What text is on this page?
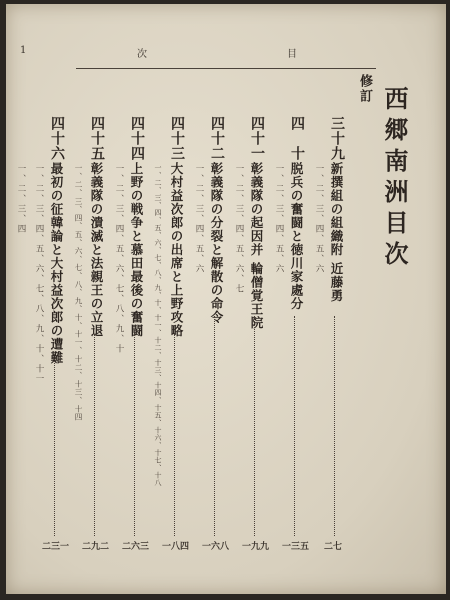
1	次	目
修訂 西郷南洲目次
三十九
新撰組の組織附 近藤勇
二七
一、二、三、四、五、六
四　十
脱兵の奮闘と徳川家處分
一三五
一、二、三、四、五、六
四十一
彰義隊の起因并 輪僧覚王院
一九九
一、二、三、四、五、六、七
四十二
彰義隊の分裂と解散の命令
一六八
一、二、三、四、五、六
四十三
大村益次郎の出席と上野攻略
一八四
一、二、三、四、五、六、七、八、九、十、十一、十二、十三、十四、十五、十六、十七、十八
四十四
上野の戦争と慕田最後の奮闘
二六三
一、二、三、四、五、六、七、八、九、十
四十五
彰義隊の潰滅と法親王の立退
二九二
一、二、三、四、五、六、七、八、九、十、十一、十二、十三、十四
四十六
最初の征韓論と大村益次郎の遭難
二三一
一、二、三、四、五、六、七、八、九、十、十一
一、二、三、四
